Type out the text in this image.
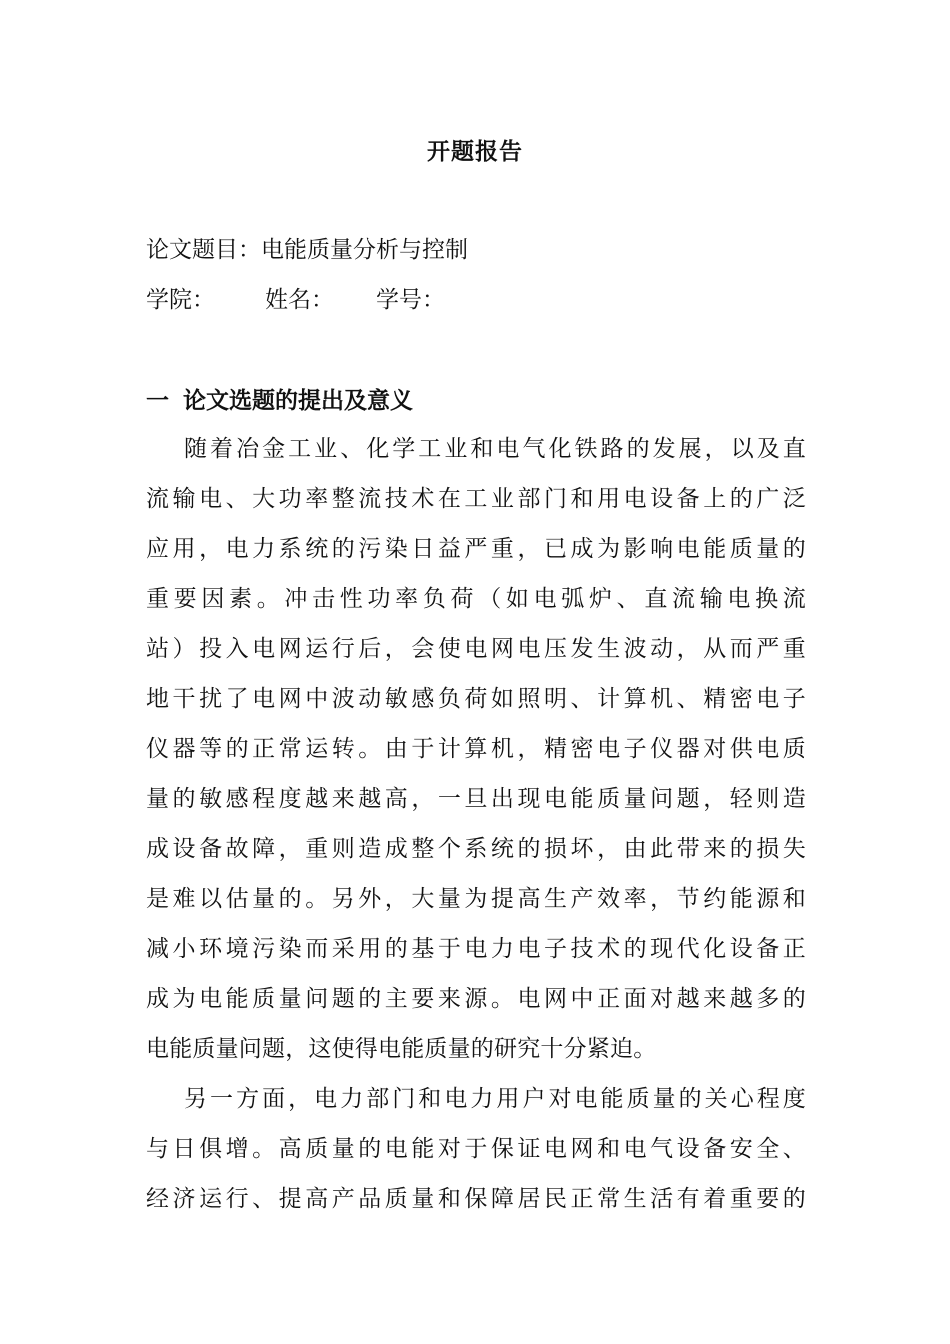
开题报告
论文题目：电能质量分析与控制
学院： 姓名： 学号：
一 论文选题的提出及意义
随着冶金工业、化学工业和电气化铁路的发展，以及直
流输电、大功率整流技术在工业部门和用电设备上的广泛
应用，电力系统的污染日益严重，已成为影响电能质量的
重要因素。冲击性功率负荷（如电弧炉、直流输电换流
站）投入电网运行后，会使电网电压发生波动，从而严重
地干扰了电网中波动敏感负荷如照明、计算机、精密电子
仪器等的正常运转。由于计算机，精密电子仪器对供电质
量的敏感程度越来越高，一旦出现电能质量问题，轻则造
成设备故障，重则造成整个系统的损坏，由此带来的损失
是难以估量的。另外，大量为提高生产效率，节约能源和
减小环境污染而采用的基于电力电子技术的现代化设备正
成为电能质量问题的主要来源。电网中正面对越来越多的
电能质量问题，这使得电能质量的研究十分紧迫。
另一方面，电力部门和电力用户对电能质量的关心程度
与日俱增。高质量的电能对于保证电网和电气设备安全、
经济运行、提高产品质量和保障居民正常生活有着重要的
